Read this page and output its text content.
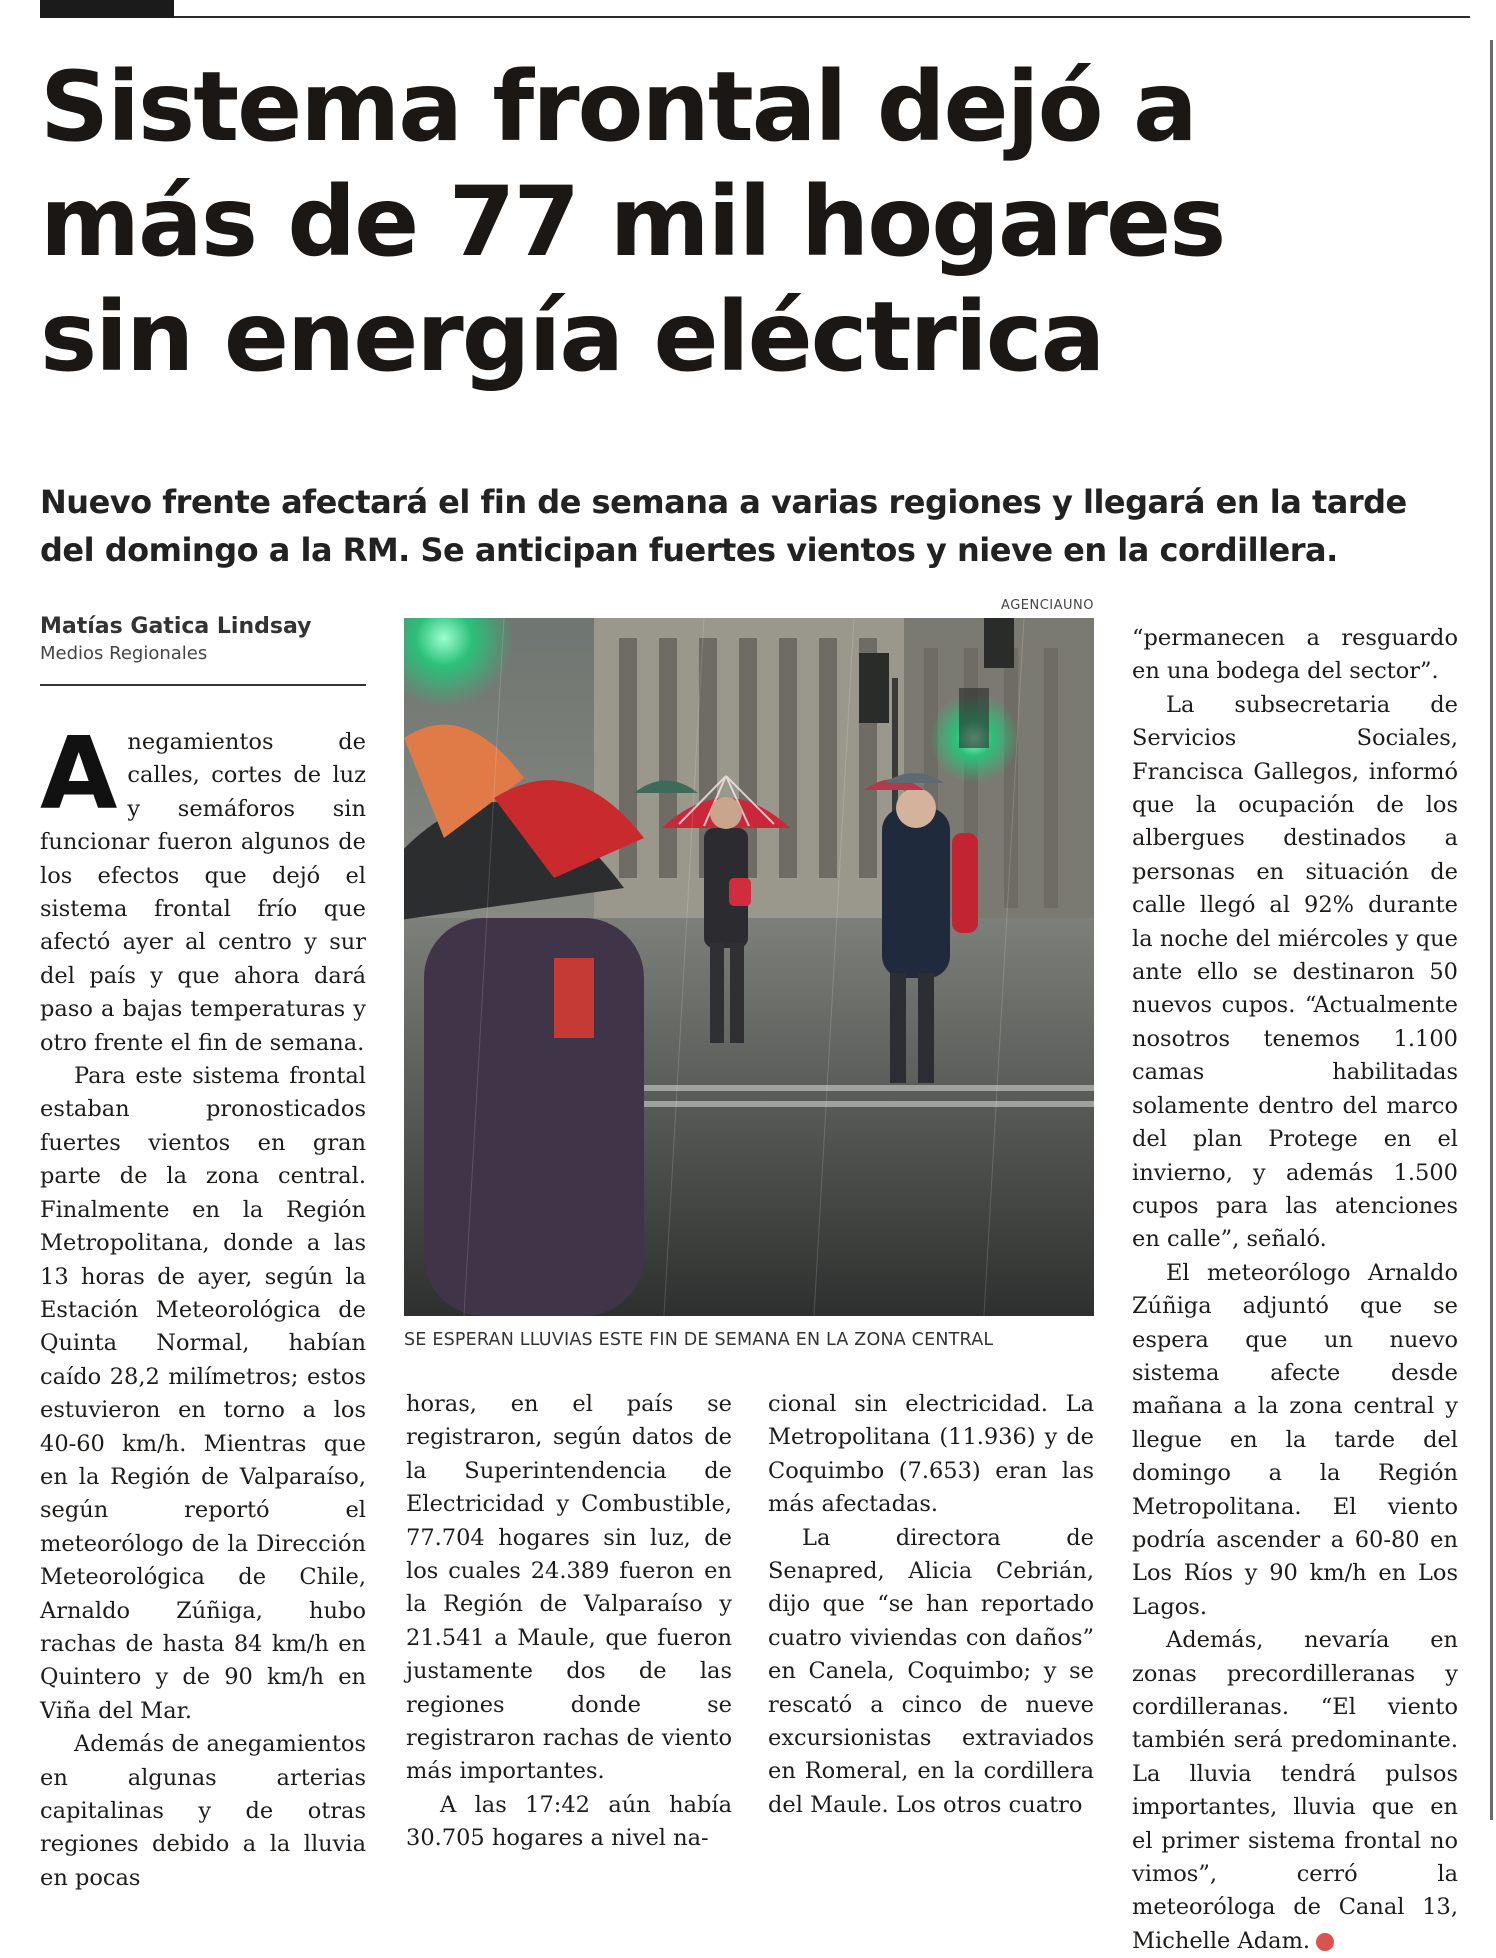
Sistema frontal dejó a
más de 77 mil hogares
sin energía eléctrica
Nuevo frente afectará el fin de semana a varias regiones y llegará en la tarde del domingo a la RM. Se anticipan fuertes vientos y nieve en la cordillera.
Matías Gatica Lindsay
Medios Regionales

Anegamientos de calles, cortes de luz y semáforos sin funcionar fueron algunos de los efectos que dejó el sistema frontal frío que afectó ayer al centro y sur del país y que ahora dará paso a bajas temperaturas y otro frente el fin de semana.

Para este sistema frontal estaban pronosticados fuertes vientos en gran parte de la zona central. Finalmente en la Región Metropolitana, donde a las 13 horas de ayer, según la Estación Meteorológica de Quinta Normal, habían caído 28,2 milímetros; estos estuvieron en torno a los 40-60 km/h. Mientras que en la Región de Valparaíso, según reportó el meteorólogo de la Dirección Meteorológica de Chile, Arnaldo Zúñiga, hubo rachas de hasta 84 km/h en Quintero y de 90 km/h en Viña del Mar.

Además de anegamientos en algunas arterias capitalinas y de otras regiones debido a la lluvia en pocas

AGENCIAUNO
SE ESPERAN LLUVIAS ESTE FIN DE SEMANA EN LA ZONA CENTRAL

horas, en el país se registraron, según datos de la Superintendencia de Electricidad y Combustible, 77.704 hogares sin luz, de los cuales 24.389 fueron en la Región de Valparaíso y 21.541 a Maule, que fueron justamente dos de las regiones donde se registraron rachas de viento más importantes.

A las 17:42 aún había 30.705 hogares a nivel na-

cional sin electricidad. La Metropolitana (11.936) y de Coquimbo (7.653) eran las más afectadas.

La directora de Senapred, Alicia Cebrián, dijo que “se han reportado cuatro viviendas con daños” en Canela, Coquimbo; y se rescató a cinco de nueve excursionistas extraviados en Romeral, en la cordillera del Maule. Los otros cuatro

“permanecen a resguardo en una bodega del sector”.

La subsecretaria de Servicios Sociales, Francisca Gallegos, informó que la ocupación de los albergues destinados a personas en situación de calle llegó al 92% durante la noche del miércoles y que ante ello se destinaron 50 nuevos cupos. “Actualmente nosotros tenemos 1.100 camas habilitadas solamente dentro del marco del plan Protege en el invierno, y además 1.500 cupos para las atenciones en calle”, señaló.

El meteorólogo Arnaldo Zúñiga adjuntó que se espera que un nuevo sistema afecte desde mañana a la zona central y llegue en la tarde del domingo a la Región Metropolitana. El viento podría ascender a 60-80 en Los Ríos y 90 km/h en Los Lagos.

Además, nevaría en zonas precordilleranas y cordilleranas. “El viento también será predominante. La lluvia tendrá pulsos importantes, lluvia que en el primer sistema frontal no vimos”, cerró la meteoróloga de Canal 13, Michelle Adam.	✪
